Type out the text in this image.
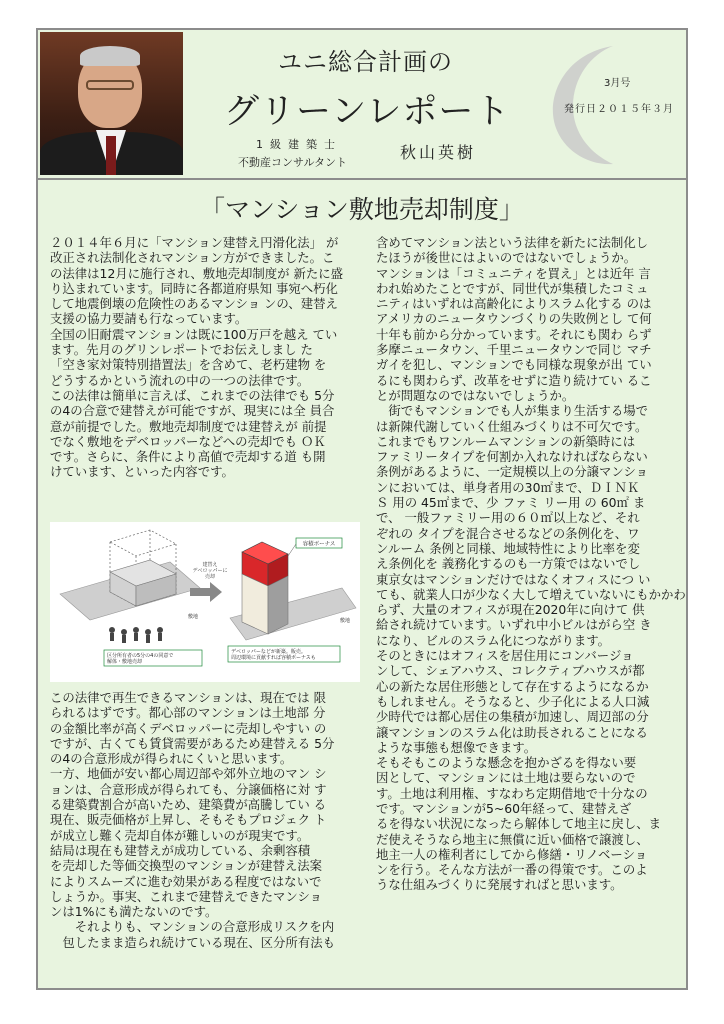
ユニ総合計画の
グリーンレポート
1級建築士
不動産コンサルタント
秋山英樹
3月号
発行日２０１５年３月
「マンション敷地売却制度」

２０１４年６月に「マンション建替え円滑化法」 が

改正され法制化されマンション方ができました。こ

の法律は12月に施行され、敷地売却制度が 新たに盛

り込まれています。同時に各都道府県知 事宛へ朽化

して地震倒壊の危険性のあるマンショ ンの、建替え

支援の協力要請も行なっています。

全国の旧耐震マンションは既に100万戸を越え てい

ます。先月のグリンレポートでお伝えしまし た

「空き家対策特別措置法」を含めて、老朽建物 を

どうするかという流れの中の一つの法律です。

この法律は簡単に言えば、これまでの法律でも 5分

の4の合意で建替えが可能ですが、現実には全 員合

意が前提でした。敷地売却制度では建替えが 前提

でなく敷地をデベロッパーなどへの売却でも ＯＫ

です。さらに、条件により高値で売却する道 も開

けています、といった内容です。

建替えデベロッパーに売却
容積ボーナス
敷地
敷地
区分所有者の5分の4の同意で解体・敷地売却
デベロッパーなどが新築。販売。周辺環境に貢献すれば容積ボーナスも

この法律で再生できるマンションは、現在では 限

られるはずです。都心部のマンションは土地部 分

の金額比率が高くデベロッパーに売却しやすい の

ですが、古くても賃貸需要があるため建替える 5分

の4の合意形成が得られにくいと思います。

一方、地価が安い都心周辺部や郊外立地のマン シ

ョンは、合意形成が得られても、分譲価格に対 す

る建築費割合が高いため、建築費が高騰してい る

現在、販売価格が上昇し、そもそもプロジェク ト

が成立し難く売却自体が難しいのが現実です。

結局は現在も建替えが成功している、余剰容積

を売却した等価交換型のマンションが建替え法案

によりスムーズに進む効果がある程度ではないで

しょうか。事実、これまで建替えできたマンショ

ンは1%にも満たないのです。

　　それよりも、マンションの合意形成リスクを内

　包したまま造られ続けている現在、区分所有法も

含めてマンション法という法律を新たに法制化し

たほうが後世にはよいのではないでしょうか。

マンションは「コミュニティを買え」とは近年 言

われ始めたことですが、同世代が集積したコミュ

ニティはいずれは高齢化によりスラム化する のは

アメリカのニュータウンづくりの失敗例とし て何

十年も前から分かっています。それにも関わ らず

多摩ニュータウン、千里ニュータウンで同じ マチ

ガイを犯し、マンションでも同様な現象が出 てい

るにも関わらず、改革をせずに造り続けてい るこ

とが問題なのではないでしょうか。

　街でもマンションでも人が集まり生活する場で

は新陳代謝していく仕組みづくりは不可欠です。

これまでもワンルームマンションの新築時には

ファミリータイプを何割か入れなければならない

条例があるように、一定規模以上の分譲マンショ

ンにおいては、単身者用の30㎡まで、ＤＩＮＫ

Ｓ 用の 45㎡まで、少 ファミ リー用 の 60㎡ ま

で、 一般ファミリー用の６０㎡以上など、それ

ぞれの タイプを混合させるなどの条例化を、ワ

ンルーム 条例と同様、地域特性により比率を変

え条例化を 義務化するのも一方策ではないでし

東京女はマンションだけではなくオフィスにつ い

ても、就業人口が少なく大して増えていないにもかかわ

らず、大量のオフィスが現在2020年に向けて 供

給され続けています。いずれ中小ビルはがら空 き

になり、ビルのスラム化につながります。

そのときにはオフィスを居住用にコンバージョ

ンして、シェアハウス、コレクティブハウスが都

心の新たな居住形態として存在するようになるか

もしれません。そうなると、少子化による人口減

少時代では都心居住の集積が加速し、周辺部の分

譲マンションのスラム化は助長されることになる

ような事態も想像できます。

そもそもこのような懸念を抱かざるを得ない要

因として、マンションには土地は要らないので

す。土地は利用権、すなわち定期借地で十分なの

です。マンションが5~60年経って、建替えざ

るを得ない状況になったら解体して地主に戻し、ま

だ使えそうなら地主に無償に近い価格で譲渡し、

地主一人の権利者にしてから修繕・リノベーショ

ンを行う。そんな方法が一番の得策です。このよ

うな仕組みづくりに発展すればと思います。
